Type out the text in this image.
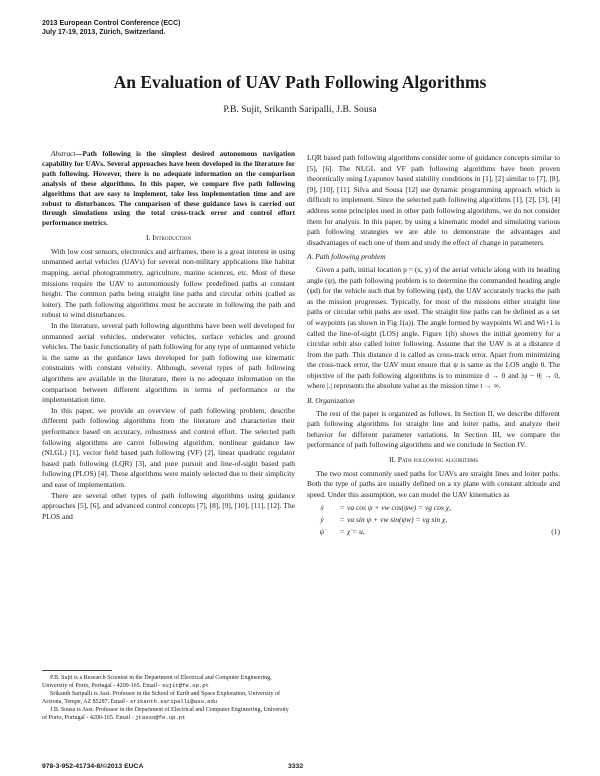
2013 European Control Conference (ECC)
July 17-19, 2013, Zürich, Switzerland.
An Evaluation of UAV Path Following Algorithms
P.B. Sujit, Srikanth Saripalli, J.B. Sousa

Abstract—Path following is the simplest desired autonomous navigation capability for UAVs. Several approaches have been developed in the literature for path following. However, there is no adequate information on the comparison analysis of these algorithms. In this paper, we compare five path following algorithms that are easy to implement, take less implementation time and are robust to disturbances. The comparison of these guidance laws is carried out through simulations using the total cross-track error and control effort performance metrics.

I. Introduction

With low cost sensors, electronics and airframes, there is a great interest in using unmanned aerial vehicles (UAVs) for several non-military applications like habitat mapping, aerial photogrammetry, agriculture, marine sciences, etc. Most of these missions require the UAV to autonomously follow predefined paths at constant height. The common paths being straight line paths and circular orbits (called as loiter). The path following algorithms must be accurate in following the path and robust to wind disturbances.

In the literature, several path following algorithms have been well developed for unmanned aerial vehicles, underwater vehicles, surface vehicles and ground vehicles. The basic functionality of path following for any type of unmanned vehicle is the same as the guidance laws developed for path following use kinematic constraints with constant velocity. Although, several types of path following algorithms are available in the literature, there is no adequate information on the comparison between different algorithms in terms of performance or the implementation time.

In this paper, we provide an overview of path following problem, describe different path following algorithms from the literature and characterize their performance based on accuracy, robustness and control effort. The selected path following algorithms are carrot following algorithm, nonlinear guidance law (NLGL) [1], vector field based path following (VF) [2], linear quadratic regulator based path following (LQR) [3], and pure pursuit and line-of-sight based path following (PLOS) [4]. These algorithms were mainly selected due to their simplicity and ease of implementation.

There are several other types of path following algorithms using guidance approaches [5], [6], and advanced control concepts [7], [8], [9], [10], [11], [12]. The PLOS and

P.B. Sujit is a Research Scientist in the Department of Electrical and Computer Engineering, University of Porto, Portugal - 4200-165. Email - sujit@fe.up.pt

Srikanth Saripalli is Asst. Professor in the School of Earth and Space Exploration, University of Arizona, Tempe, AZ 85287. Email - srikanth.saripalli@asu.edu

J.B. Sousa is Asst. Professor in the Department of Electrical and Computer Engineering, University of Porto, Portugal - 4200-165. Email - jtasso@fe.up.pt

LQR based path following algorithms consider some of guidance concepts similar to [5], [6]. The NLGL and VF path following algorithms have been proven theoretically using Lyapunov based stability conditions in [1], [2] similar to [7], [8], [9], [10], [11]. Silva and Sousa [12] use dynamic programming approach which is difficult to implement. Since the selected path following algorithms [1], [2], [3], [4] address some principles used in other path following algorithms, we do not consider them for analysis. In this paper, by using a kinematic model and simulating various path following strategies we are able to demonstrate the advantages and disadvantages of each one of them and study the effect of change in parameters.

A. Path following problem

Given a path, initial location p = (x, y) of the aerial vehicle along with its heading angle (ψ), the path following problem is to determine the commanded heading angle (ψd) for the vehicle such that by following (ψd), the UAV accurately tracks the path as the mission progresses. Typically, for most of the missions either straight line paths or circular orbit paths are used. The straight line paths can be defined as a set of waypoints (as shown in Fig 1(a)). The angle formed by waypoints Wi and Wi+1 is called the line-of-sight (LOS) angle. Figure 1(b) shows the initial geometry for a circular orbit also called loiter following. Assume that the UAV is at a distance d from the path. This distance d is called as cross-track error. Apart from minimizing the cross-track error, the UAV must ensure that ψ is same as the LOS angle θ. The objective of the path following algorithms is to minimize d → 0 and |ψ − θ| → 0, where |.| represents the absolute value as the mission time t → ∞.

B. Organization

The rest of the paper is organized as follows. In Section II, we describe different path following algorithms for straight line and loiter paths, and analyze their behavior for different parameter variations. In Section III, we compare the performance of path following algorithms and we conclude in Section IV.

II. Path following algorithms

The two most commonly used paths for UAVs are straight lines and loiter paths. Both the type of paths are usually defined on a xy plane with constant altitude and speed. Under this assumption, we can model the UAV kinematics as

ẋ	= va cos ψ + vw cos(ψw) = vg cos χ,
ẏ	= va sin ψ + vw sin(ψw) = vg sin χ,
ψ̇	= χ̇ = u,	(1)
978-3-952-41734-8/©2013 EUCA	3332
